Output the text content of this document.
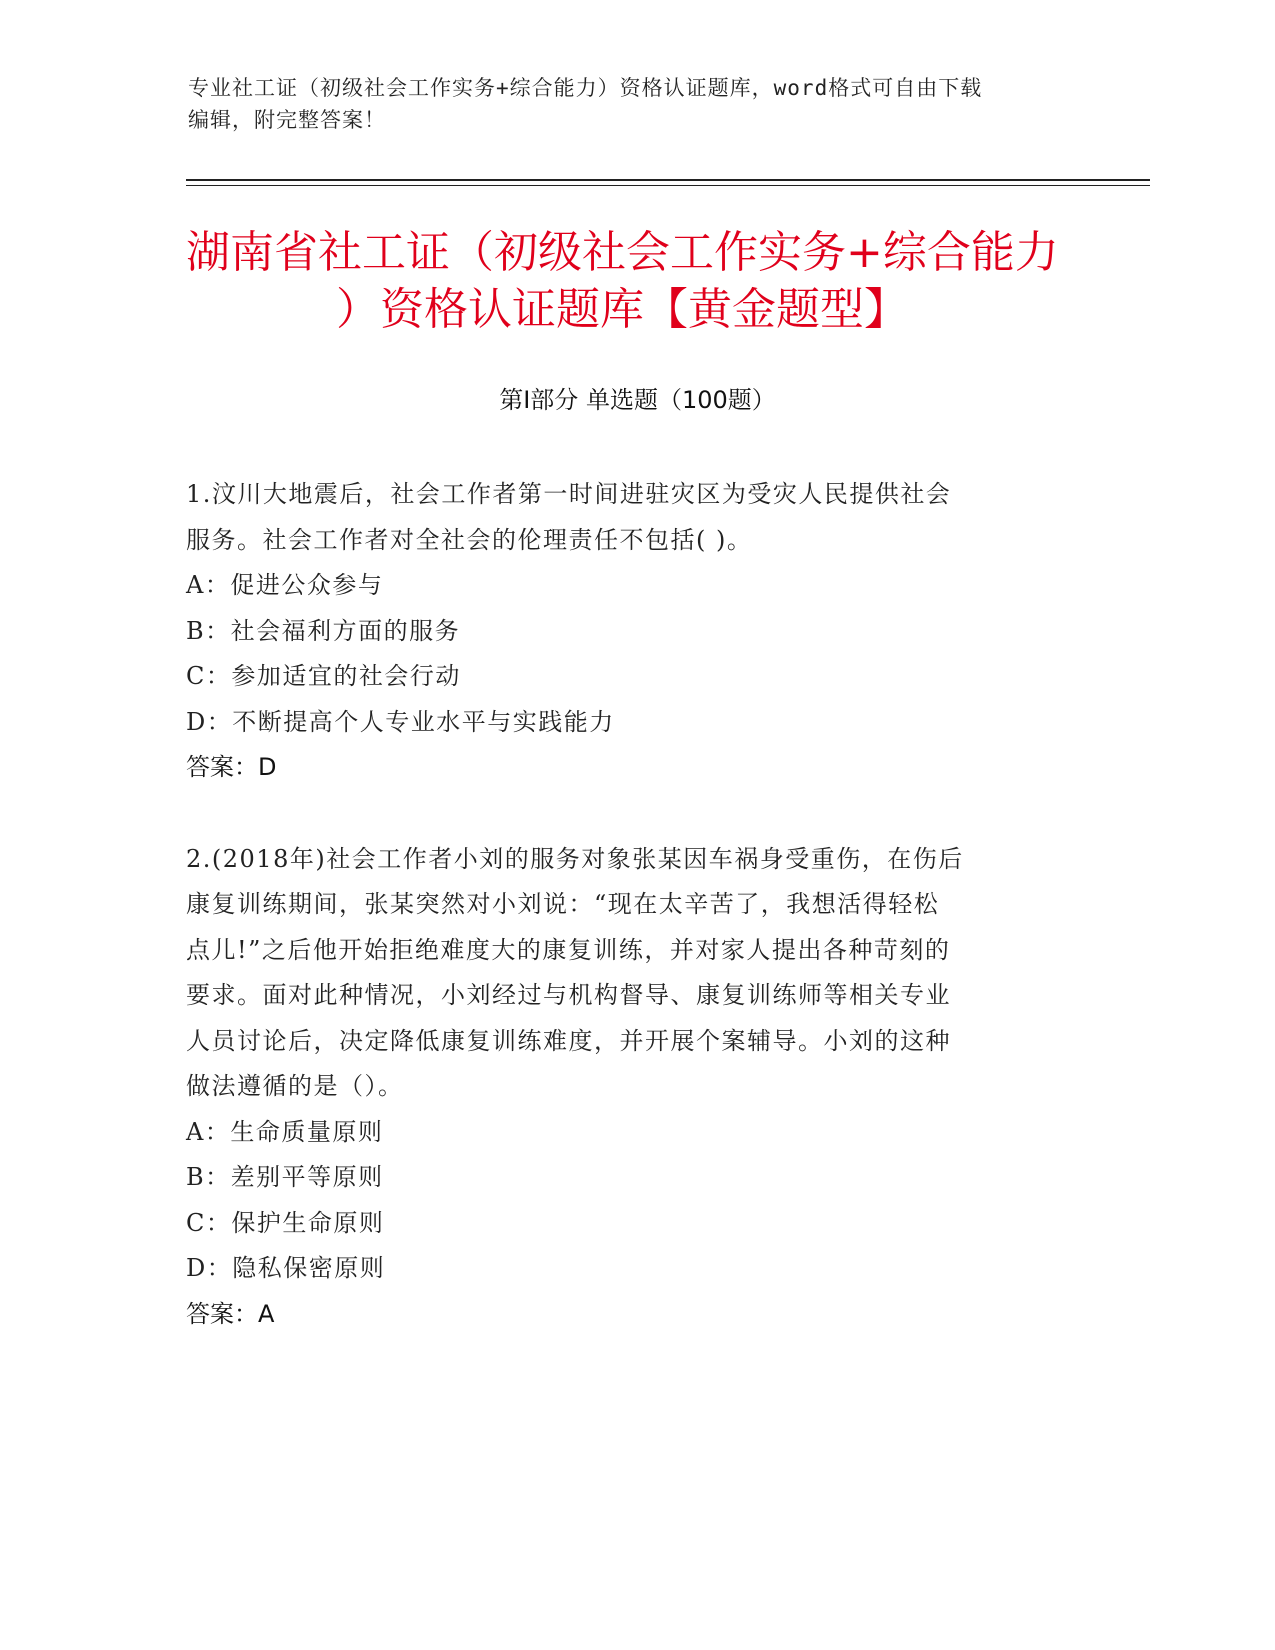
专业社工证（初级社会工作实务+综合能力）资格认证题库，word格式可自由下载
编辑，附完整答案！
湖南省社工证（初级社会工作实务+综合能力
）资格认证题库【黄金题型】
第Ⅰ部分 单选题（100题）
1.汶川大地震后，社会工作者第一时间进驻灾区为受灾人民提供社会
服务。社会工作者对全社会的伦理责任不包括( )。
A：促进公众参与
B：社会福利方面的服务
C：参加适宜的社会行动
D：不断提高个人专业水平与实践能力
答案：D
2.(2018年)社会工作者小刘的服务对象张某因车祸身受重伤，在伤后
康复训练期间，张某突然对小刘说：“现在太辛苦了，我想活得轻松
点儿!”之后他开始拒绝难度大的康复训练，并对家人提出各种苛刻的
要求。面对此种情况，小刘经过与机构督导、康复训练师等相关专业
人员讨论后，决定降低康复训练难度，并开展个案辅导。小刘的这种
做法遵循的是（）。
A：生命质量原则
B：差别平等原则
C：保护生命原则
D：隐私保密原则
答案：A
